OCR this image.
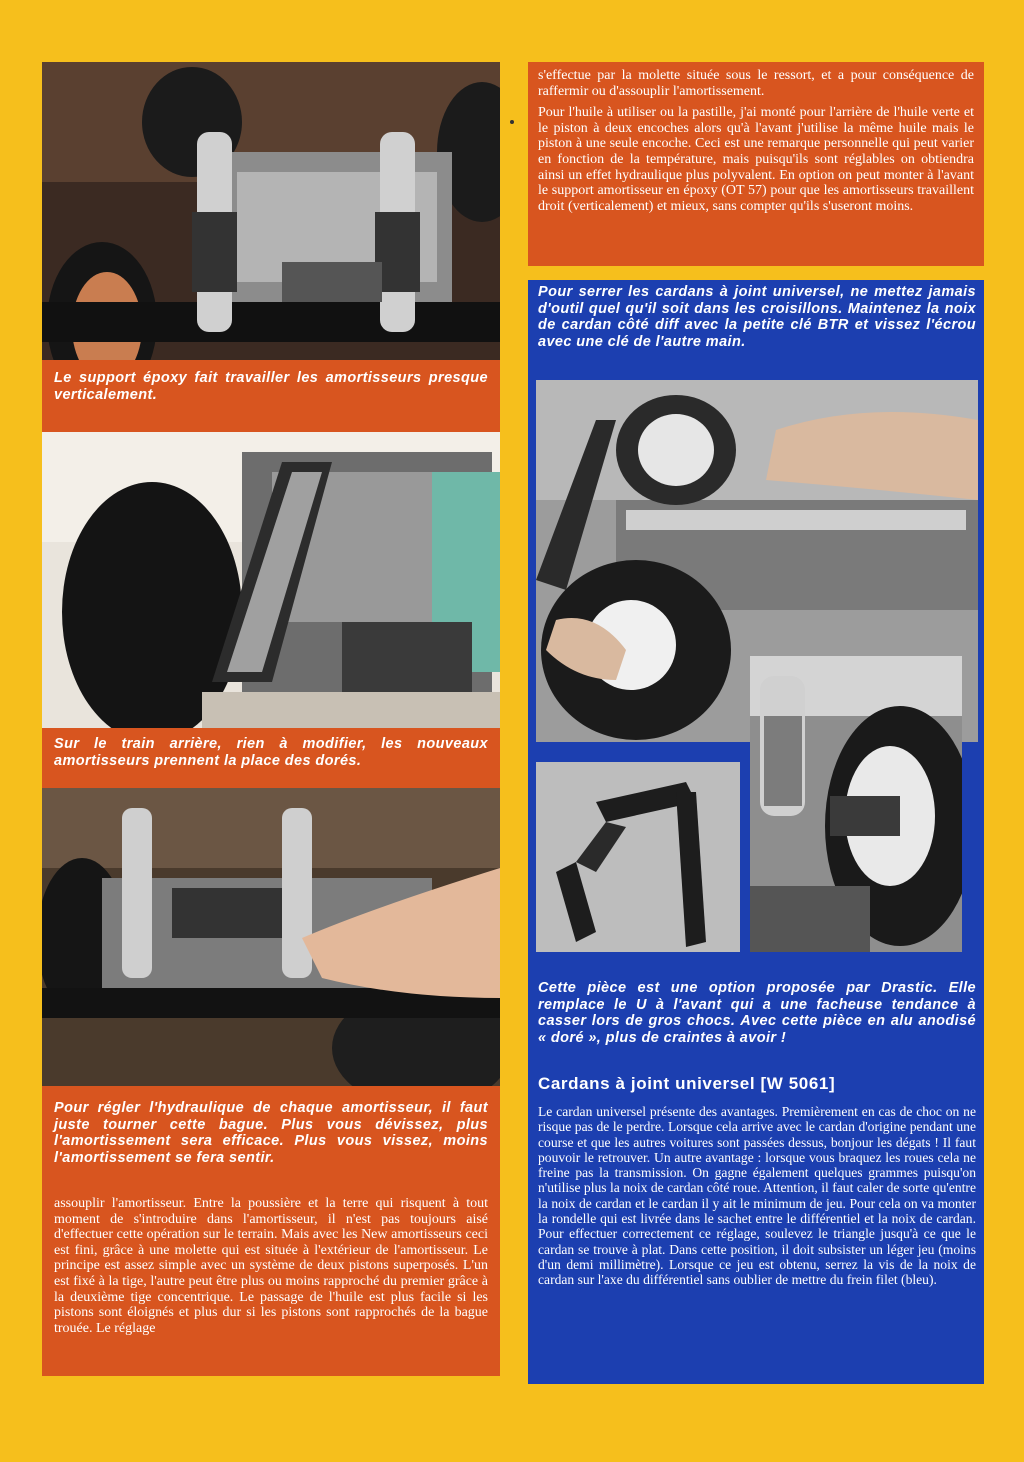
Le support époxy fait travailler les amortisseurs presque verticalement.

Sur le train arrière, rien à modifier, les nouveaux amortisseurs prennent la place des dorés.

Pour régler l'hydraulique de chaque amortisseur, il faut juste tourner cette bague. Plus vous dévissez, plus l'amortissement sera efficace. Plus vous vissez, moins l'amortissement se fera sentir.

assouplir l'amortisseur. Entre la poussière et la terre qui risquent à tout moment de s'introduire dans l'amortisseur, il n'est pas toujours aisé d'effectuer cette opération sur le terrain. Mais avec les New amortisseurs ceci est fini, grâce à une molette qui est située à l'extérieur de l'amortisseur. Le principe est assez simple avec un système de deux pistons superposés. L'un est fixé à la tige, l'autre peut être plus ou moins rapproché du premier grâce à la deuxième tige concentrique. Le passage de l'huile est plus facile si les pistons sont éloignés et plus dur si les pistons sont rapprochés de la bague trouée. Le réglage

s'effectue par la molette située sous le ressort, et a pour conséquence de raffermir ou d'assouplir l'amortissement.

Pour l'huile à utiliser ou la pastille, j'ai monté pour l'arrière de l'huile verte et le piston à deux encoches alors qu'à l'avant j'utilise la même huile mais le piston à une seule encoche. Ceci est une remarque personnelle qui peut varier en fonction de la température, mais puisqu'ils sont réglables on obtiendra ainsi un effet hydraulique plus polyvalent. En option on peut monter à l'avant le support amortisseur en époxy (OT 57) pour que les amortisseurs travaillent droit (verticalement) et mieux, sans compter qu'ils s'useront moins.

Pour serrer les cardans à joint universel, ne mettez jamais d'outil quel qu'il soit dans les croisillons. Maintenez la noix de cardan côté diff avec la petite clé BTR et vissez l'écrou avec une clé de l'autre main.

Cette pièce est une option proposée par Drastic. Elle remplace le U à l'avant qui a une facheuse tendance à casser lors de gros chocs. Avec cette pièce en alu anodisé « doré », plus de craintes à avoir !

Cardans à joint universel [W 5061]

Le cardan universel présente des avantages. Premièrement en cas de choc on ne risque pas de le perdre. Lorsque cela arrive avec le cardan d'origine pendant une course et que les autres voitures sont passées dessus, bonjour les dégats ! Il faut pouvoir le retrouver. Un autre avantage : lorsque vous braquez les roues cela ne freine pas la transmission. On gagne également quelques grammes puisqu'on n'utilise plus la noix de cardan côté roue. Attention, il faut caler de sorte qu'entre la noix de cardan et le cardan il y ait le minimum de jeu. Pour cela on va monter la rondelle qui est livrée dans le sachet entre le différentiel et la noix de cardan. Pour effectuer correctement ce réglage, soulevez le triangle jusqu'à ce que le cardan se trouve à plat. Dans cette position, il doit subsister un léger jeu (moins d'un demi millimètre). Lorsque ce jeu est obtenu, serrez la vis de la noix de cardan sur l'axe du différentiel sans oublier de mettre du frein filet (bleu).
